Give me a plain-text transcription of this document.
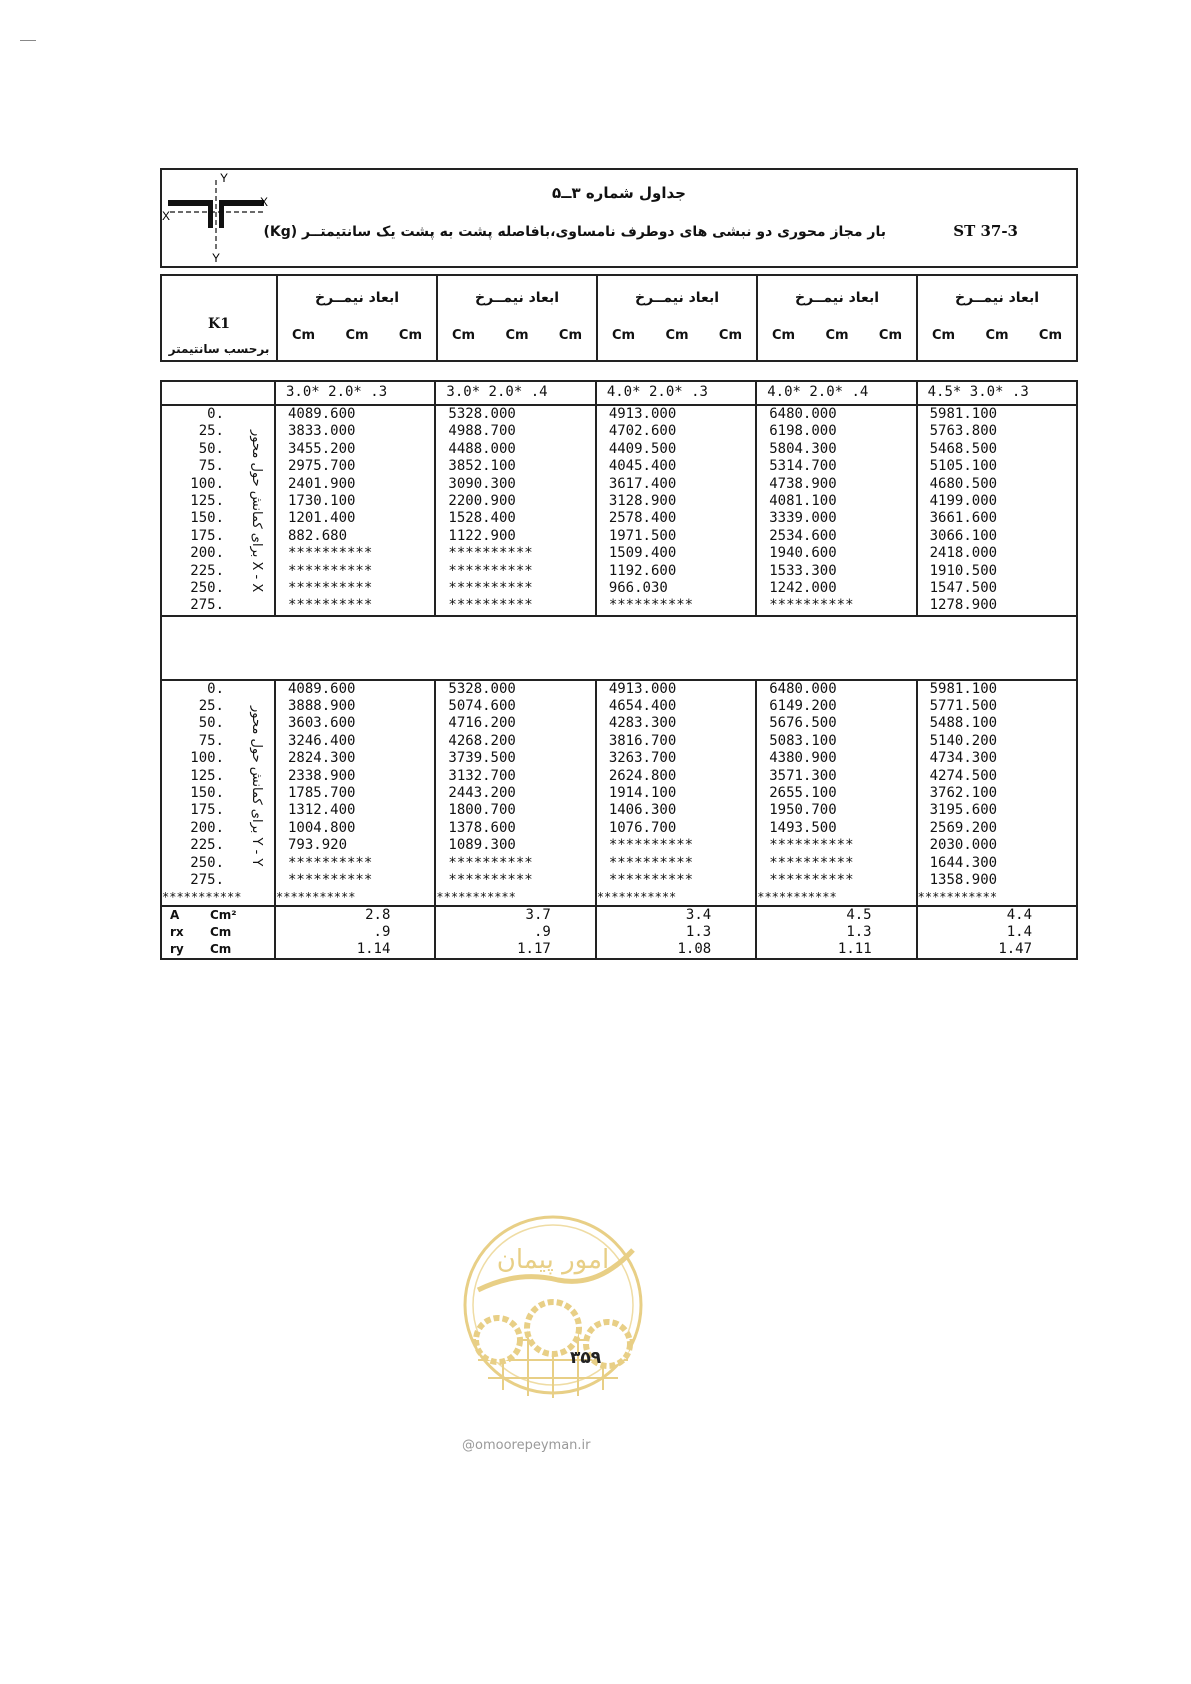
Y
X
X
Y
جداول شماره ۳ــ۵
بار مجاز محوری دو نبشی های دوطرف نامساوی،بافاصله پشت به پشت یک سانتیمتــر (Kg)	ST 37-3
K1
برحسب سانتیمتر
ابعاد نیمــرخ
Cm Cm Cm
ابعاد نیمــرخ
Cm Cm Cm
ابعاد نیمــرخ
Cm Cm Cm
ابعاد نیمــرخ
Cm Cm Cm
ابعاد نیمــرخ
Cm Cm Cm
3.0* 2.0* .3	3.0* 2.0* .4	4.0* 2.0* .3	4.0* 2.0* .4	4.5* 3.0* .3
برای کمانش حول محور X - X
0.	4089.600	5328.000	4913.000	6480.000	5981.100
25.	3833.000	4988.700	4702.600	6198.000	5763.800
50.	3455.200	4488.000	4409.500	5804.300	5468.500
75.	2975.700	3852.100	4045.400	5314.700	5105.100
100.	2401.900	3090.300	3617.400	4738.900	4680.500
125.	1730.100	2200.900	3128.900	4081.100	4199.000
150.	1201.400	1528.400	2578.400	3339.000	3661.600
175.	882.680	1122.900	1971.500	2534.600	3066.100
200.	**********	**********	1509.400	1940.600	2418.000
225.	**********	**********	1192.600	1533.300	1910.500
250.	**********	**********	966.030	1242.000	1547.500
275.	**********	**********	**********	**********	1278.900
برای کمانش حول محور Y - Y
0.	4089.600	5328.000	4913.000	6480.000	5981.100
25.	3888.900	5074.600	4654.400	6149.200	5771.500
50.	3603.600	4716.200	4283.300	5676.500	5488.100
75.	3246.400	4268.200	3816.700	5083.100	5140.200
100.	2824.300	3739.500	3263.700	4380.900	4734.300
125.	2338.900	3132.700	2624.800	3571.300	4274.500
150.	1785.700	2443.200	1914.100	2655.100	3762.100
175.	1312.400	1800.700	1406.300	1950.700	3195.600
200.	1004.800	1378.600	1076.700	1493.500	2569.200
225.	793.920	1089.300	**********	**********	2030.000
250.	**********	**********	**********	**********	1644.300
275.	**********	**********	**********	**********	1358.900
***********	***********	***********	***********	***********	***********
A	Cm²	2.8	3.7	3.4	4.5	4.4
rx	Cm	.9	.9	1.3	1.3	1.4
ry	Cm	1.14	1.17	1.08	1.11	1.47
امور پیمان
۳۵۹
@omoorepeyman.ir
